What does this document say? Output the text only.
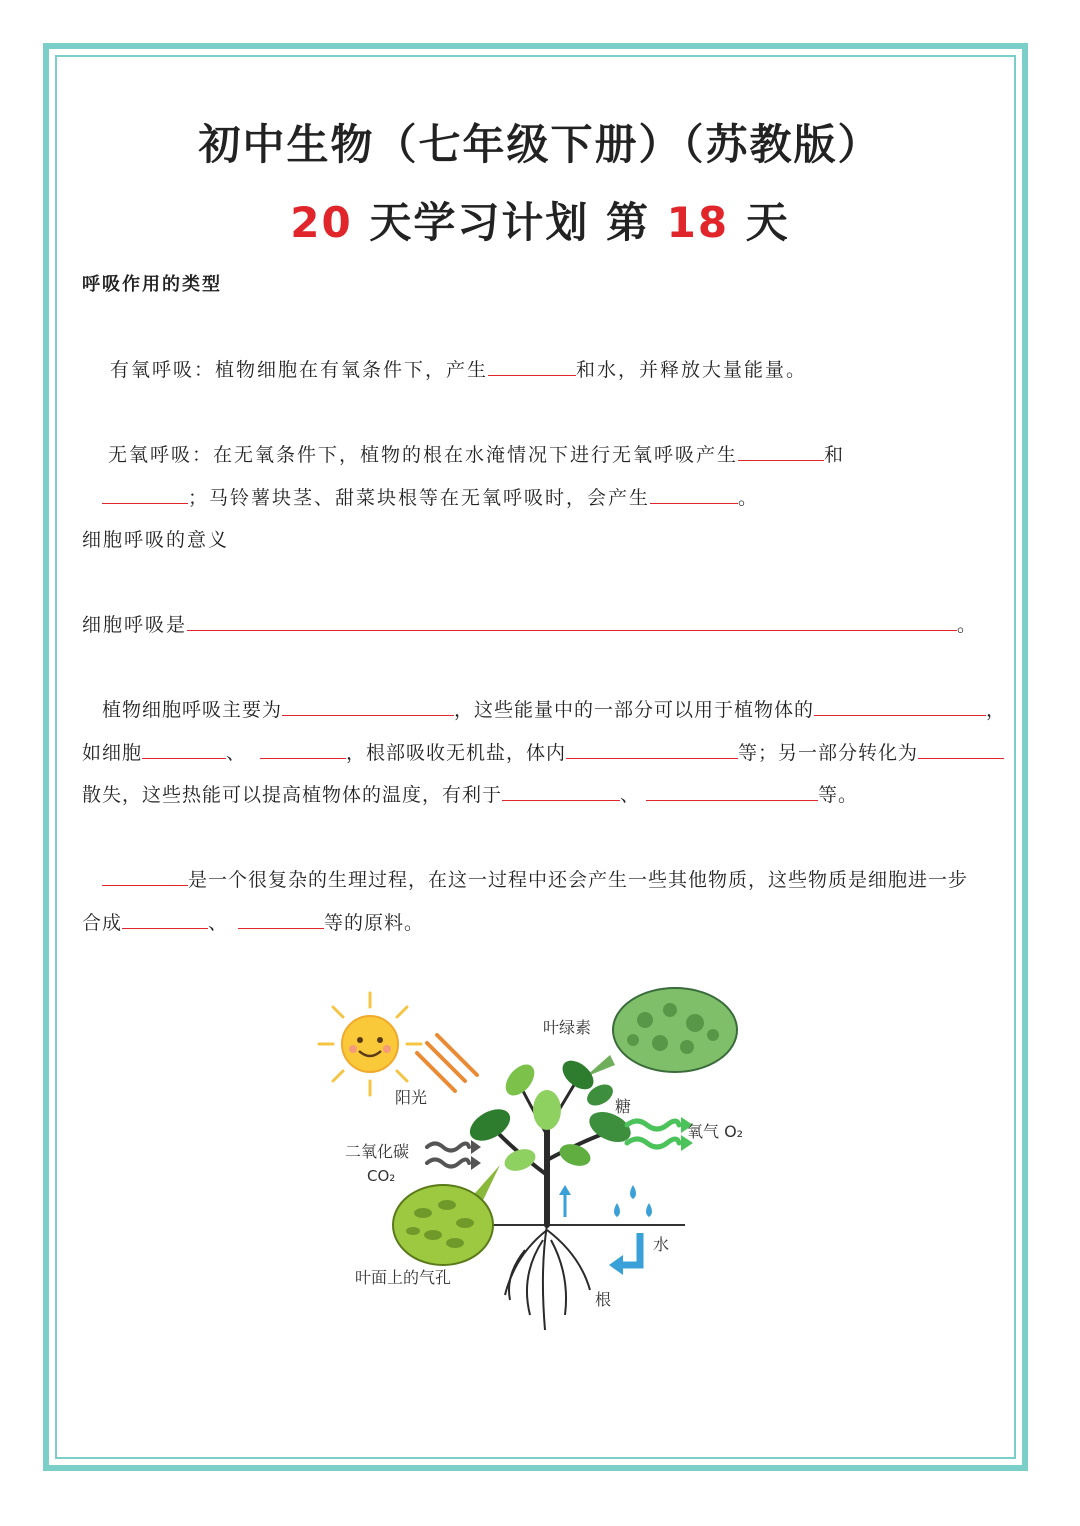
初中生物（七年级下册）（苏教版）
20 天学习计划 第 18 天
呼吸作用的类型
有氧呼吸：植物细胞在有氧条件下，产生	和水，并释放大量能量。
无氧呼吸：在无氧条件下，植物的根在水淹情况下进行无氧呼吸产生	和
；马铃薯块茎、甜菜块根等在无氧呼吸时，会产生	。
细胞呼吸的意义
细胞呼吸是	。
植物细胞呼吸主要为	，这些能量中的一部分可以用于植物体的	，
如细胞	、	，根部吸收无机盐，体内	等；另一部分转化为
散失，这些热能可以提高植物体的温度，有利于	、	等。
是一个很复杂的生理过程，在这一过程中还会产生一些其他物质，这些物质是细胞进一步
合成	、	等的原料。
阳光
叶绿素
糖
氧气 O₂
二氧化碳
CO₂
叶面上的气孔
水
根
